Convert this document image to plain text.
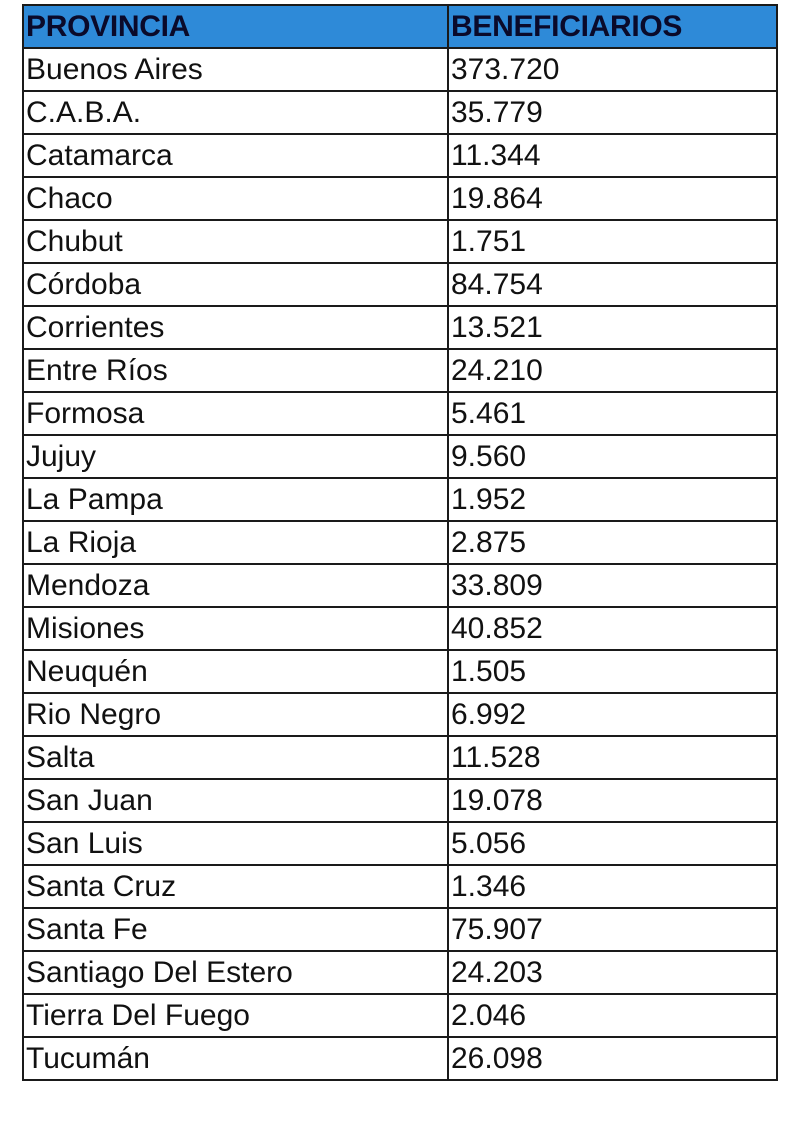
PROVINCIA	BENEFICIARIOS
Buenos Aires	373.720
C.A.B.A.	35.779
Catamarca	11.344
Chaco	19.864
Chubut	1.751
Córdoba	84.754
Corrientes	13.521
Entre Ríos	24.210
Formosa	5.461
Jujuy	9.560
La Pampa	1.952
La Rioja	2.875
Mendoza	33.809
Misiones	40.852
Neuquén	1.505
Rio Negro	6.992
Salta	11.528
San Juan	19.078
San Luis	5.056
Santa Cruz	1.346
Santa Fe	75.907
Santiago Del Estero	24.203
Tierra Del Fuego	2.046
Tucumán	26.098
